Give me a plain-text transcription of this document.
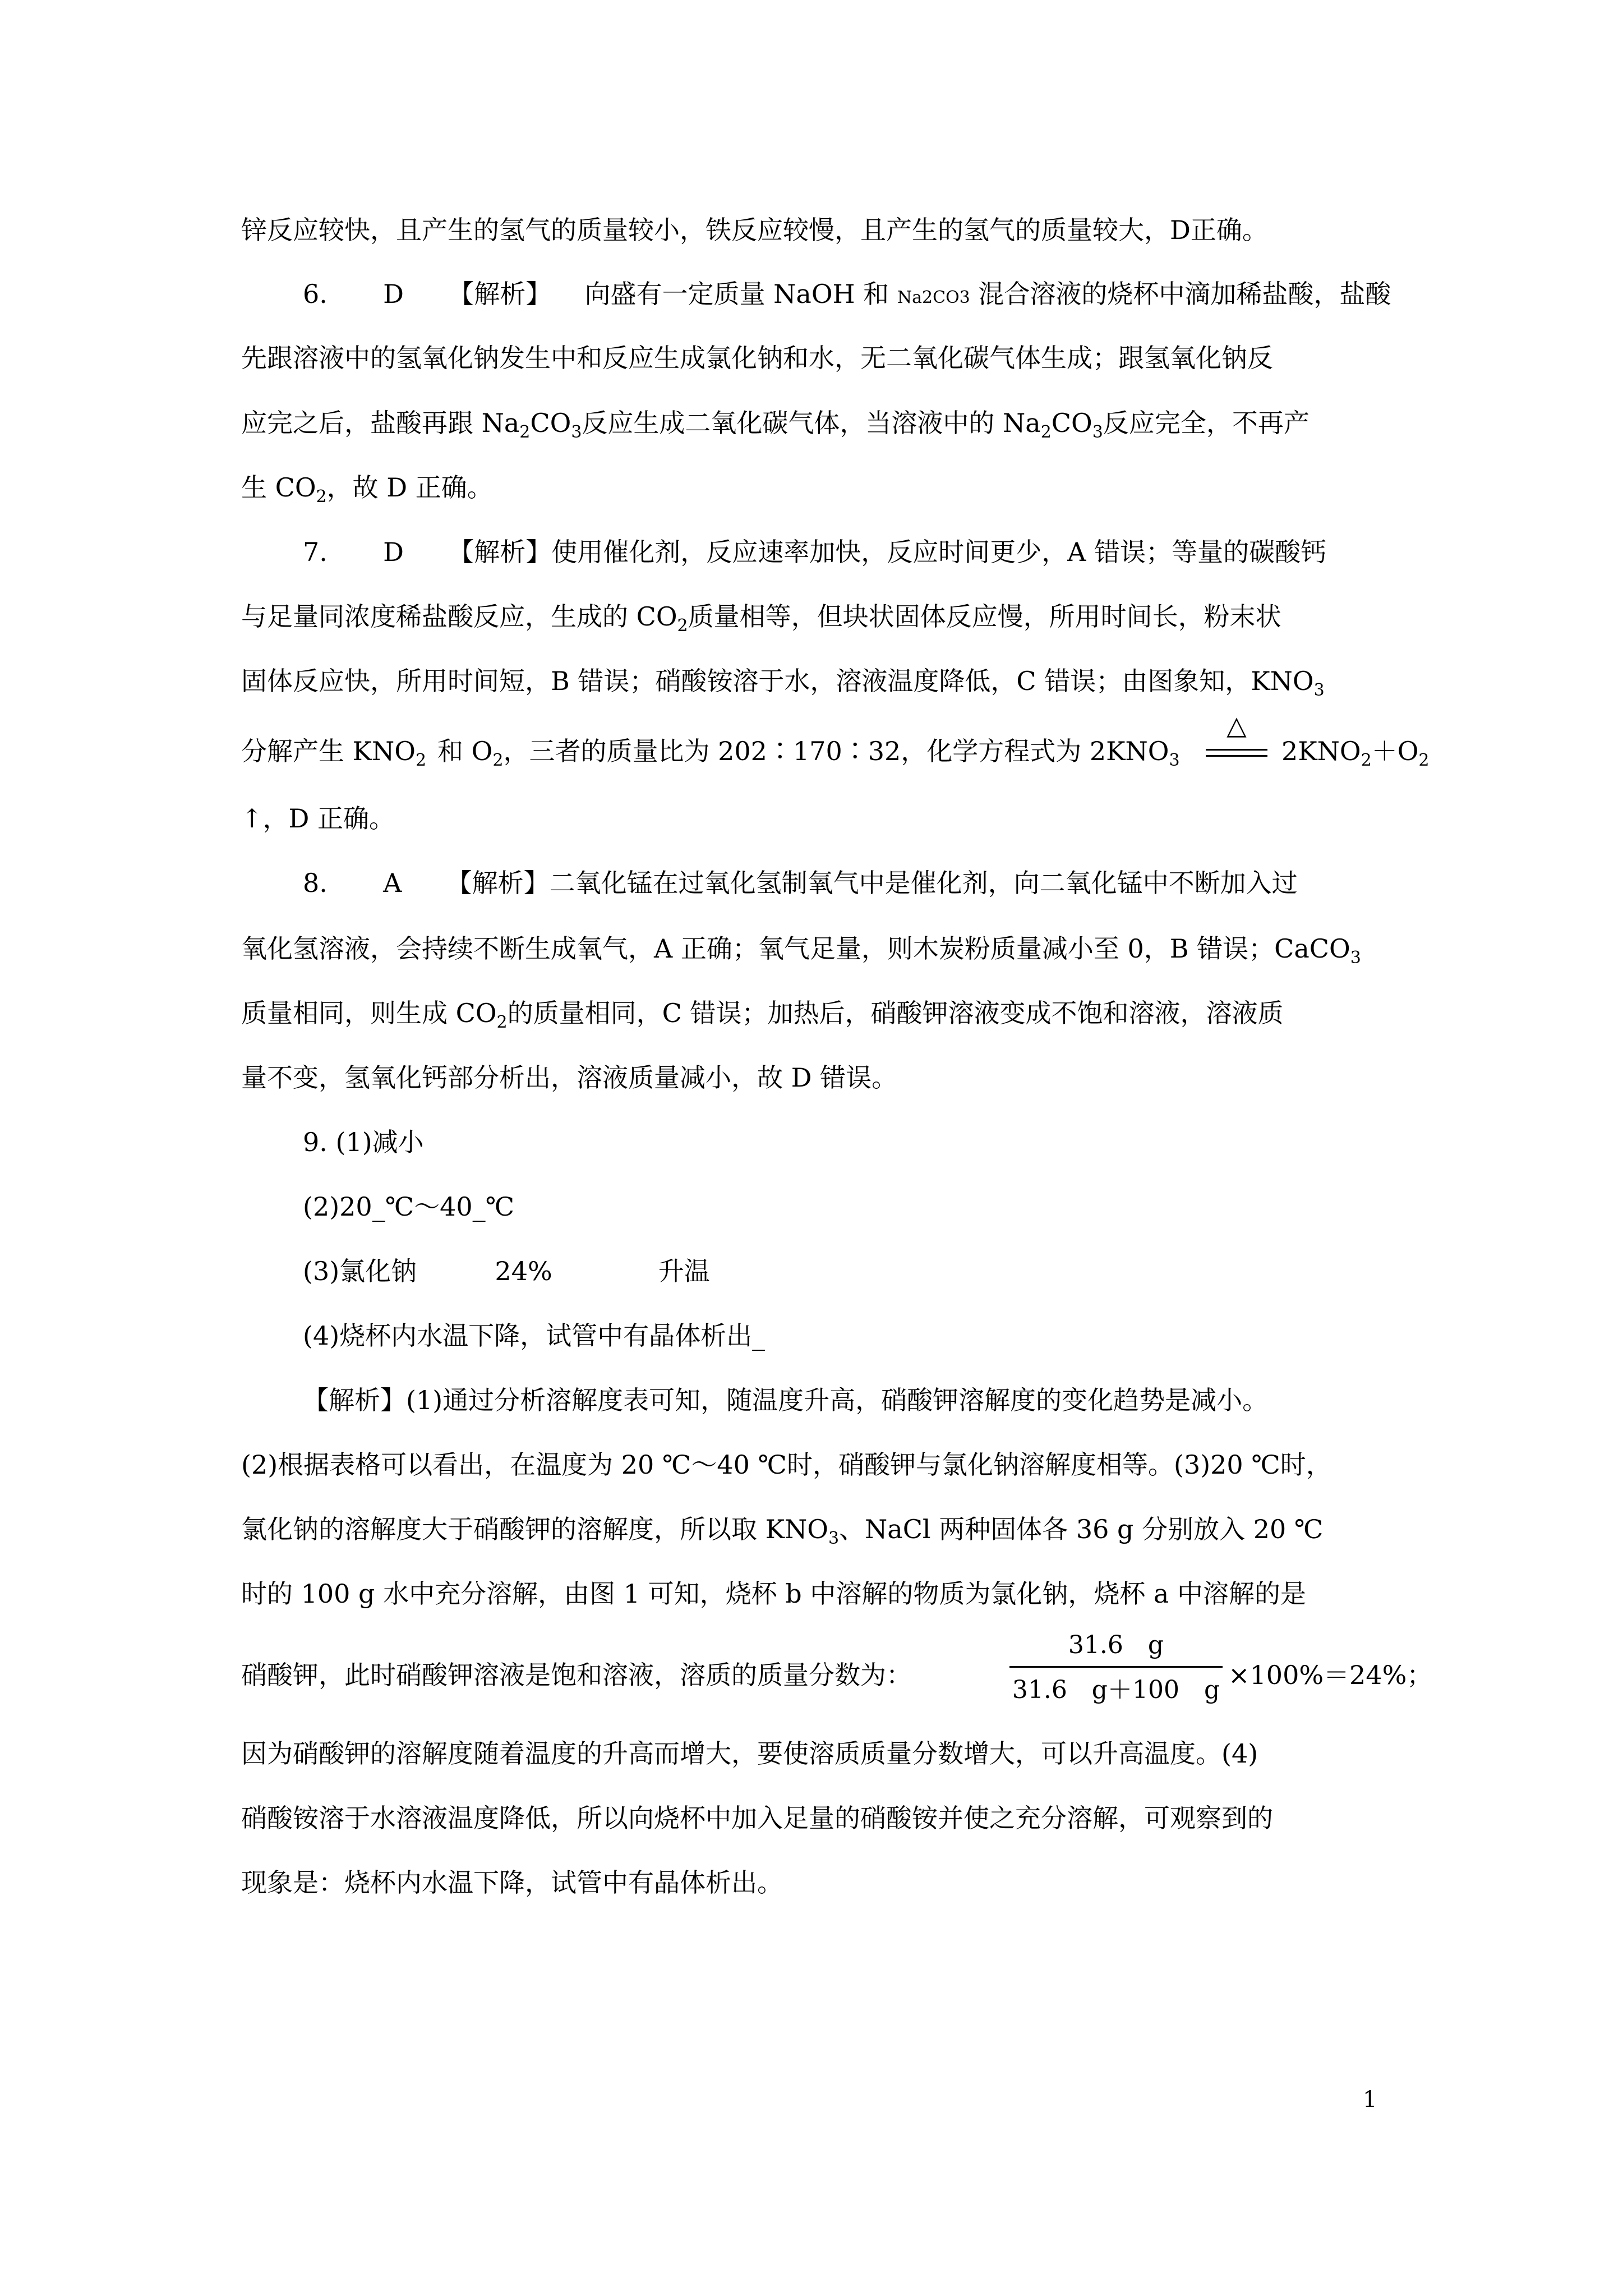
锌反应较快，且产生的氢气的质量较小，铁反应较慢，且产生的氢气的质量较大，D正确。
6. D 【解析】 向盛有一定质量 NaOH 和 Na2CO3 混合溶液的烧杯中滴加稀盐酸，盐酸
先跟溶液中的氢氧化钠发生中和反应生成氯化钠和水，无二氧化碳气体生成；跟氢氧化钠反
应完之后，盐酸再跟 Na2CO3反应生成二氧化碳气体，当溶液中的 Na2CO3反应完全，不再产
生 CO2，故 D 正确。
7. D 【解析】使用催化剂，反应速率加快，反应时间更少，A 错误；等量的碳酸钙
与足量同浓度稀盐酸反应，生成的 CO2质量相等，但块状固体反应慢，所用时间长，粉末状
固体反应快，所用时间短，B 错误；硝酸铵溶于水，溶液温度降低，C 错误；由图象知，KNO3
分解产生 KNO2 和 O2，三者的质量比为 202∶170∶32，化学方程式为 2KNO3
△
2KNO2＋O2
↑，D 正确。
8. A 【解析】二氧化锰在过氧化氢制氧气中是催化剂，向二氧化锰中不断加入过
氧化氢溶液，会持续不断生成氧气，A 正确；氧气足量，则木炭粉质量减小至 0，B 错误；CaCO3
质量相同，则生成 CO2的质量相同，C 错误；加热后，硝酸钾溶液变成不饱和溶液，溶液质
量不变，氢氧化钙部分析出，溶液质量减小，故 D 错误。
9. (1)减小
(2)20_℃～40_℃
(3)氯化钠	24%	升温
(4)烧杯内水温下降，试管中有晶体析出_
【解析】(1)通过分析溶解度表可知，随温度升高，硝酸钾溶解度的变化趋势是减小。
(2)根据表格可以看出，在温度为 20 ℃～40 ℃时，硝酸钾与氯化钠溶解度相等。(3)20 ℃时，
氯化钠的溶解度大于硝酸钾的溶解度，所以取 KNO3、NaCl 两种固体各 36 g 分别放入 20 ℃
时的 100 g 水中充分溶解，由图 1 可知，烧杯 b 中溶解的物质为氯化钠，烧杯 a 中溶解的是
硝酸钾，此时硝酸钾溶液是饱和溶液，溶质的质量分数为：
31.6　g
31.6　g＋100　g ×100%＝24%；
因为硝酸钾的溶解度随着温度的升高而增大，要使溶质质量分数增大，可以升高温度。(4)
硝酸铵溶于水溶液温度降低，所以向烧杯中加入足量的硝酸铵并使之充分溶解，可观察到的
现象是：烧杯内水温下降，试管中有晶体析出。
1
